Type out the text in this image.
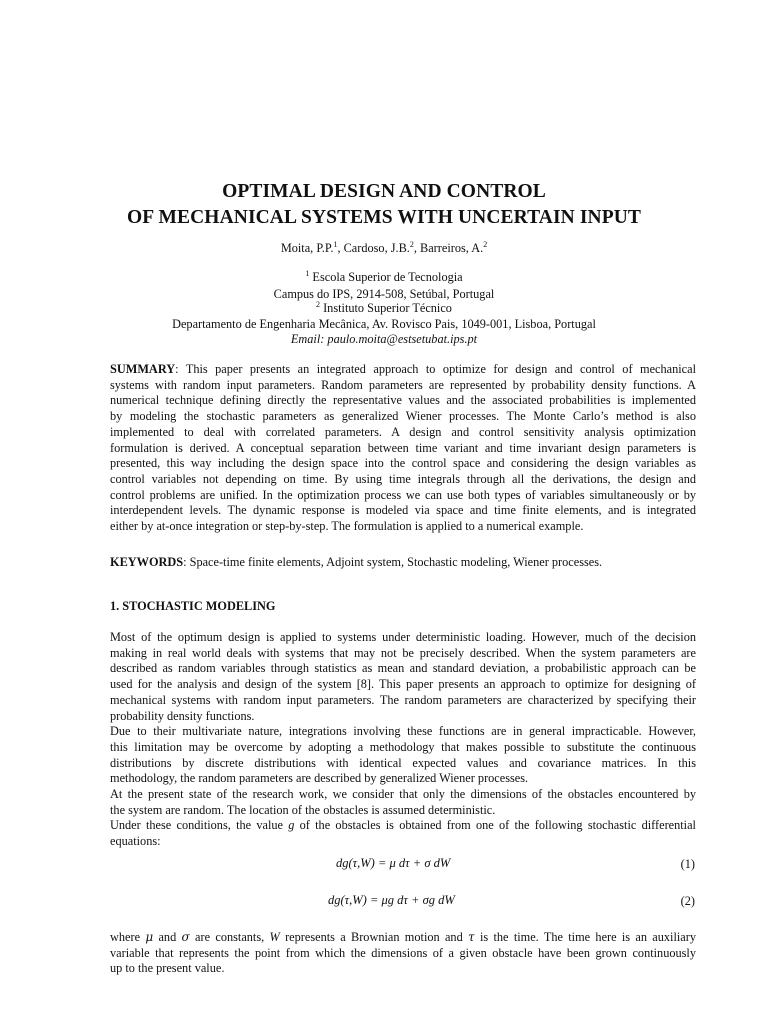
OPTIMAL DESIGN AND CONTROL
OF MECHANICAL SYSTEMS WITH UNCERTAIN INPUT
Moita, P.P.$^1$, Cardoso, J.B.$^2$, Barreiros, A.$^2$
$^1$ Escola Superior de Tecnologia
Campus do IPS, 2914-508, Setúbal, Portugal
$^2$ Instituto Superior Técnico
Departamento de Engenharia Mecânica, Av. Rovisco Pais, 1049-001, Lisboa, Portugal
Email: paulo.moita@estsetubat.ips.pt
SUMMARY: This paper presents an integrated approach to optimize for design and control of mechanical
systems with random input parameters. Random parameters are represented by probability density functions. A
numerical technique defining directly the representative values and the associated probabilities is implemented
by modeling the stochastic parameters as generalized Wiener processes. The Monte Carlo’s method is also
implemented to deal with correlated parameters. A design and control sensitivity analysis optimization
formulation is derived. A conceptual separation between time variant and time invariant design parameters is
presented, this way including the design space into the control space and considering the design variables as
control variables not depending on time. By using time integrals through all the derivations, the design and
control problems are unified. In the optimization process we can use both types of variables simultaneously or by
interdependent levels. The dynamic response is modeled via space and time finite elements, and is integrated
either by at-once integration or step-by-step. The formulation is applied to a numerical example.
KEYWORDS: Space-time finite elements, Adjoint system, Stochastic modeling, Wiener processes.
1. STOCHASTIC MODELING
Most of the optimum design is applied to systems under deterministic loading. However, much of the decision
making in real world deals with systems that may not be precisely described. When the system parameters are
described as random variables through statistics as mean and standard deviation, a probabilistic approach can be
used for the analysis and design of the system [8]. This paper presents an approach to optimize for designing of
mechanical systems with random input parameters. The random parameters are characterized by specifying their
probability density functions.
Due to their multivariate nature, integrations involving these functions are in general impracticable. However,
this limitation may be overcome by adopting a methodology that makes possible to substitute the continuous
distributions by discrete distributions with identical expected values and covariance matrices. In this
methodology, the random parameters are described by generalized Wiener processes.
At the present state of the research work, we consider that only the dimensions of the obstacles encountered by
the system are random. The location of the obstacles is assumed deterministic.
Under these conditions, the value g of the obstacles is obtained from one of the following stochastic differential
equations:
dg(τ,W) = μ dτ + σ dW	(1)
dg(τ,W) = μg dτ + σg dW	(2)
where μ and σ are constants, W represents a Brownian motion and τ is the time. The time here is an auxiliary
variable that represents the point from which the dimensions of a given obstacle have been grown continuously
up to the present value.
